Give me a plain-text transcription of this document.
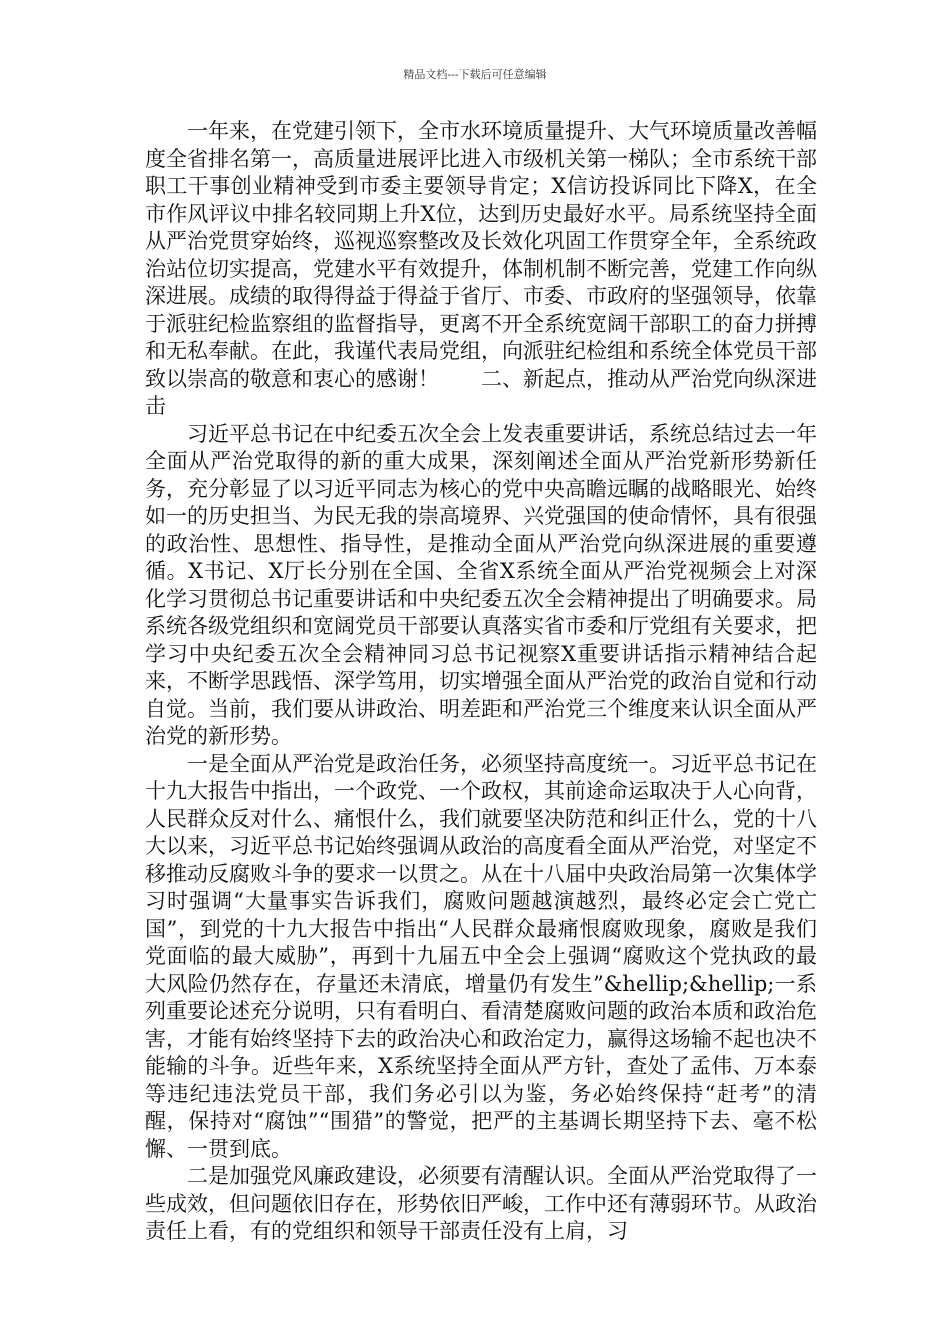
精品文档---下载后可任意编辑

一年来，在党建引领下，全市水环境质量提升、大气环境质量改善幅度全省排名第一，高质量进展评比进入市级机关第一梯队；全市系统干部职工干事创业精神受到市委主要领导肯定；X信访投诉同比下降X，在全市作风评议中排名较同期上升X位，达到历史最好水平。局系统坚持全面从严治党贯穿始终，巡视巡察整改及长效化巩固工作贯穿全年，全系统政治站位切实提高，党建水平有效提升，体制机制不断完善，党建工作向纵深进展。成绩的取得得益于得益于省厅、市委、市政府的坚强领导，依靠于派驻纪检监察组的监督指导，更离不开全系统宽阔干部职工的奋力拼搏和无私奉献。在此，我谨代表局党组，向派驻纪检组和系统全体党员干部致以崇高的敬意和衷心的感谢！　　二、新起点，推动从严治党向纵深进击

习近平总书记在中纪委五次全会上发表重要讲话，系统总结过去一年全面从严治党取得的新的重大成果，深刻阐述全面从严治党新形势新任务，充分彰显了以习近平同志为核心的党中央高瞻远瞩的战略眼光、始终如一的历史担当、为民无我的崇高境界、兴党强国的使命情怀，具有很强的政治性、思想性、指导性，是推动全面从严治党向纵深进展的重要遵循。X书记、X厅长分别在全国、全省X系统全面从严治党视频会上对深化学习贯彻总书记重要讲话和中央纪委五次全会精神提出了明确要求。局系统各级党组织和宽阔党员干部要认真落实省市委和厅党组有关要求，把学习中央纪委五次全会精神同习总书记视察X重要讲话指示精神结合起来，不断学思践悟、深学笃用，切实增强全面从严治党的政治自觉和行动自觉。当前，我们要从讲政治、明差距和严治党三个维度来认识全面从严治党的新形势。

一是全面从严治党是政治任务，必须坚持高度统一。习近平总书记在十九大报告中指出，一个政党、一个政权，其前途命运取决于人心向背，人民群众反对什么、痛恨什么，我们就要坚决防范和纠正什么，党的十八大以来，习近平总书记始终强调从政治的高度看全面从严治党，对坚定不移推动反腐败斗争的要求一以贯之。从在十八届中央政治局第一次集体学习时强调“大量事实告诉我们，腐败问题越演越烈，最终必定会亡党亡国”，到党的十九大报告中指出“人民群众最痛恨腐败现象，腐败是我们党面临的最大威胁”，再到十九届五中全会上强调“腐败这个党执政的最大风险仍然存在，存量还未清底，增量仍有发生”&hellip;&hellip;一系列重要论述充分说明，只有看明白、看清楚腐败问题的政治本质和政治危害，才能有始终坚持下去的政治决心和政治定力，赢得这场输不起也决不能输的斗争。近些年来，X系统坚持全面从严方针，查处了孟伟、万本泰等违纪违法党员干部，我们务必引以为鉴，务必始终保持“赶考”的清醒，保持对“腐蚀”“围猎”的警觉，把严的主基调长期坚持下去、毫不松懈、一贯到底。

二是加强党风廉政建设，必须要有清醒认识。全面从严治党取得了一些成效，但问题依旧存在，形势依旧严峻，工作中还有薄弱环节。从政治责任上看，有的党组织和领导干部责任没有上肩，习
